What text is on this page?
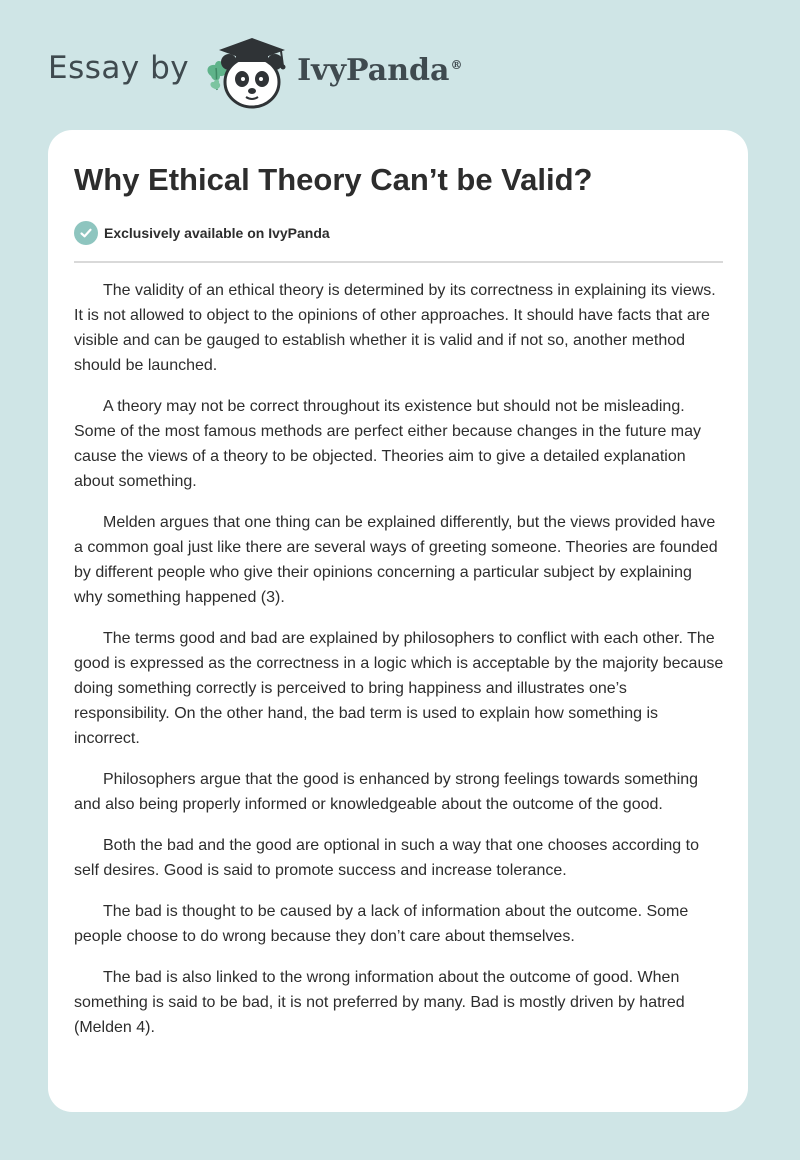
Essay by	IvyPanda®
Why Ethical Theory Can’t be Valid?
Exclusively available on IvyPanda

The validity of an ethical theory is determined by its correctness in explaining its views. It is not allowed to object to the opinions of other approaches. It should have facts that are visible and can be gauged to establish whether it is valid and if not so, another method should be launched.

A theory may not be correct throughout its existence but should not be misleading. Some of the most famous methods are perfect either because changes in the future may cause the views of a theory to be objected. Theories aim to give a detailed explanation about something.

Melden argues that one thing can be explained differently, but the views provided have a common goal just like there are several ways of greeting someone. Theories are founded by different people who give their opinions concerning a particular subject by explaining why something happened (3).

The terms good and bad are explained by philosophers to conflict with each other. The good is expressed as the correctness in a logic which is acceptable by the majority because doing something correctly is perceived to bring happiness and illustrates one’s responsibility. On the other hand, the bad term is used to explain how something is incorrect.

Philosophers argue that the good is enhanced by strong feelings towards something and also being properly informed or knowledgeable about the outcome of the good.

Both the bad and the good are optional in such a way that one chooses according to self desires. Good is said to promote success and increase tolerance.

The bad is thought to be caused by a lack of information about the outcome. Some people choose to do wrong because they don’t care about themselves.

The bad is also linked to the wrong information about the outcome of good. When something is said to be bad, it is not preferred by many. Bad is mostly driven by hatred (Melden 4).
